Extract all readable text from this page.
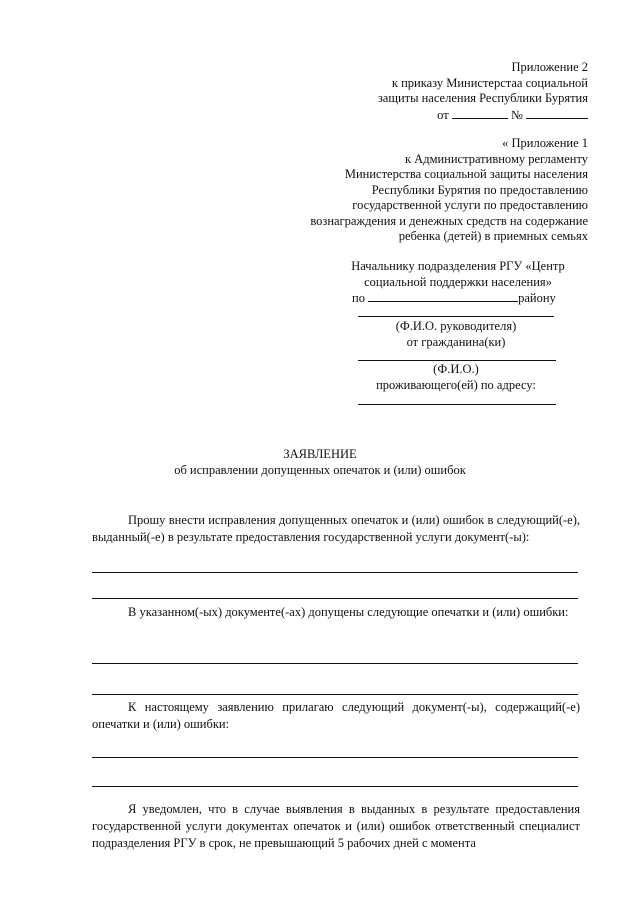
Приложение 2
к приказу Министерстаа социальной
защиты населения Республики Бурятия
от	№
« Приложение 1
к Административному регламенту
Министерства социальной защиты населения
Республики Бурятия по предоставлению
государственной услуги по предоставлению
вознаграждения и денежных средств на содержание
ребенка (детей) в приемных семьях
Начальнику подразделения РГУ «Центр
социальной поддержки населения»
по	району
(Ф.И.О. руководителя)
от гражданина(ки)
(Ф.И.О.)
проживающего(ей) по адресу:
ЗАЯВЛЕНИЕ
об исправлении допущенных опечаток и (или) ошибок
Прошу внести исправления допущенных опечаток и (или) ошибок в следующий(-е), выданный(-е) в результате предоставления государственной услуги документ(-ы):
В указанном(-ых) документе(-ах) допущены следующие опечатки и (или) ошибки:
К настоящему заявлению прилагаю следующий документ(-ы), содержащий(-е) опечатки и (или) ошибки:
Я уведомлен, что в случае выявления в выданных в результате предоставления государственной услуги документах опечаток и (или) ошибок ответственный специалист подразделения РГУ в срок, не превышающий 5 рабочих дней с момента
